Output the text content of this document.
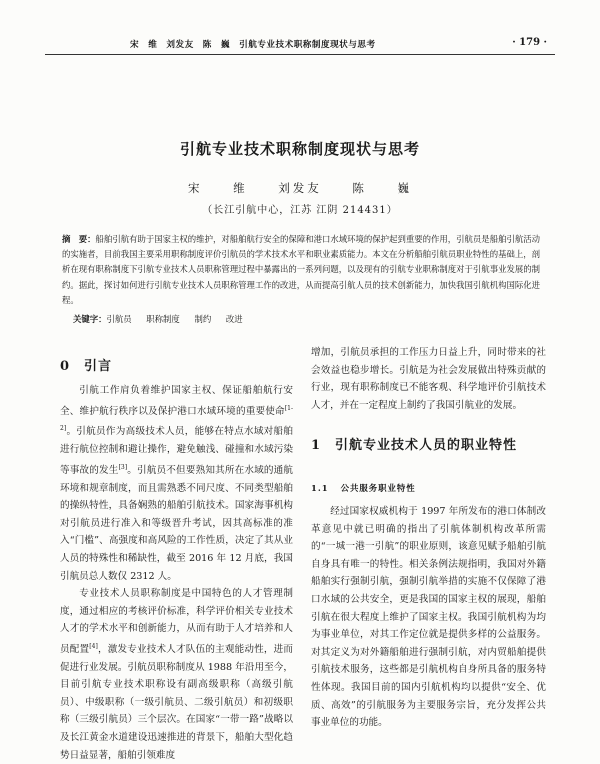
宋　维　刘发友　陈　巍　引航专业技术职称制度现状与思考	· 179 ·
引航专业技术职称制度现状与思考
宋 维 刘发友 陈 巍
（长江引航中心，江苏 江阴 214431）
摘　要：船舶引航有助于国家主权的维护，对船舶航行安全的保障和港口水域环境的保护起到重要的作用，引航员是船舶引航活动的实施者，目前我国主要采用职称制度评价引航员的学术技术水平和职业素质能力。本文在分析船舶引航员职业特性的基础上，剖析在现有职称制度下引航专业技术人员职称管理过程中暴露出的一系列问题，以及现有的引航专业职称制度对于引航事业发展的制约。据此，探讨如何进行引航专业技术人员职称管理工作的改进，从而提高引航人员的技术创新能力，加快我国引航机构国际化进程。
关键字：引航员 职称制度 制约 改进
0 引言

引航工作肩负着维护国家主权、保证船舶航行安全、维护航行秩序以及保护港口水域环境的重要使命[1-2]。引航员作为高级技术人员，能够在特点水域对船舶进行航位控制和避让操作，避免触浅、碰撞和水域污染等事故的发生[3]。引航员不但要熟知其所在水域的通航环境和规章制度，而且需熟悉不同尺度、不同类型船舶的操纵特性，具备娴熟的船舶引航技术。国家海事机构对引航员进行准入和等级晋升考试，因其高标准的准入“门槛”、高强度和高风险的工作性质，决定了其从业人员的特殊性和稀缺性，截至 2016 年 12 月底，我国引航员总人数仅 2312 人。

专业技术人员职称制度是中国特色的人才管理制度，通过相应的考核评价标准，科学评价相关专业技术人才的学术水平和创新能力，从而有助于人才培养和人员配置[4]，激发专业技术人才队伍的主观能动性，进而促进行业发展。引航员职称制度从 1988 年沿用至今，目前引航专业技术职称设有副高级职称（高级引航员）、中级职称（一级引航员、二级引航员）和初级职称（三级引航员）三个层次。在国家“一带一路”战略以及长江黄金水道建设迅速推进的背景下，船舶大型化趋势日益显著，船舶引领难度

增加，引航员承担的工作压力日益上升，同时带来的社会效益也稳步增长。引航是为社会发展做出特殊贡献的行业，现有职称制度已不能客观、科学地评价引航技术人才，并在一定程度上制约了我国引航业的发展。

1 引航专业技术人员的职业特性
1.1 公共服务职业特性

经过国家权威机构于 1997 年所发布的港口体制改革意见中就已明确的指出了引航体制机构改革所需的“一城一港一引航”的职业原则，该意见赋予船舶引航自身具有唯一的特性。相关条例法规指明，我国对外籍船舶实行强制引航，强制引航举措的实施不仅保障了港口水域的公共安全，更是我国的国家主权的展现，船舶引航在很大程度上维护了国家主权。我国引航机构为均为事业单位，对其工作定位就是提供多样的公益服务。对其定义为对外籍船舶进行强制引航，对内贸船舶提供引航技术服务，这些都是引航机构自身所具备的服务特性体现。我国目前的国内引航机构均以提供“安全、优质、高效”的引航服务为主要服务宗旨，充分发挥公共事业单位的功能。
